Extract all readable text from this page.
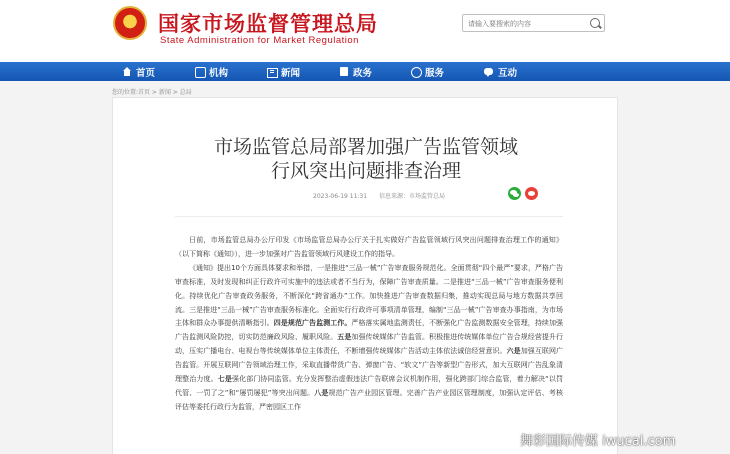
★
国家市场监督管理总局
State Administration for Market Regulation
请输入要搜索的内容
首页	机构	新闻	政务	服务	互动
您的位置:首页 > 新闻 > 总局
市场监管总局部署加强广告监管领域
行风突出问题排查治理
2023-06-19 11:31 信息来源：市场监管总局

日前，市场监管总局办公厅印发《市场监管总局办公厅关于扎实做好广告监管领域行风突出问题排查治理工作的通知》（以下简称《通知》），进一步加强对广告监管领域行风建设工作的指导。

《通知》提出10个方面具体要求和举措，一是推进“三品一械”广告审查服务规范化。全面贯彻“四个最严”要求，严格广告审查标准，及时发现和纠正行政许可实施中的违法或者不当行为，保障广告审查质量。二是推进“三品一械”广告审查服务便利化。持续优化广告审查政务服务，不断深化“跨省通办”工作。加快推进广告审查数据归集，推动实现总局与地方数据共享回流。三是推进“三品一械”广告审查服务标准化。全面实行行政许可事项清单管理，编制“三品一械”广告审查办事指南，为市场主体和群众办事提供清晰指引。四是规范广告监测工作。严格落实属地监测责任，不断强化广告监测数据安全管理，持续加强广告监测风险防控，切实防范廉政风险、履职风险。五是加强传统媒体广告监管。积极推进传统媒体单位广告合规经营提升行动，压实广播电台、电视台等传统媒体单位主体责任，不断增强传统媒体广告活动主体依法诚信经营意识。六是加强互联网广告监管。开展互联网广告领域治理工作，采取直播带货广告、弹窗广告、“软文”广告等新型广告形式，加大互联网广告乱象清理整治力度。七是强化部门协同监管。充分发挥整治虚假违法广告联席会议机制作用，强化跨部门综合监管，着力解决“以罚代管、一罚了之”和“屡罚屡犯”等突出问题。八是规范广告产业园区管理。完善广告产业园区管理制度，加强认定评估、考核评估等委托行政行为监管，严密园区工作

舞彩国际传媒 iwucai.com
